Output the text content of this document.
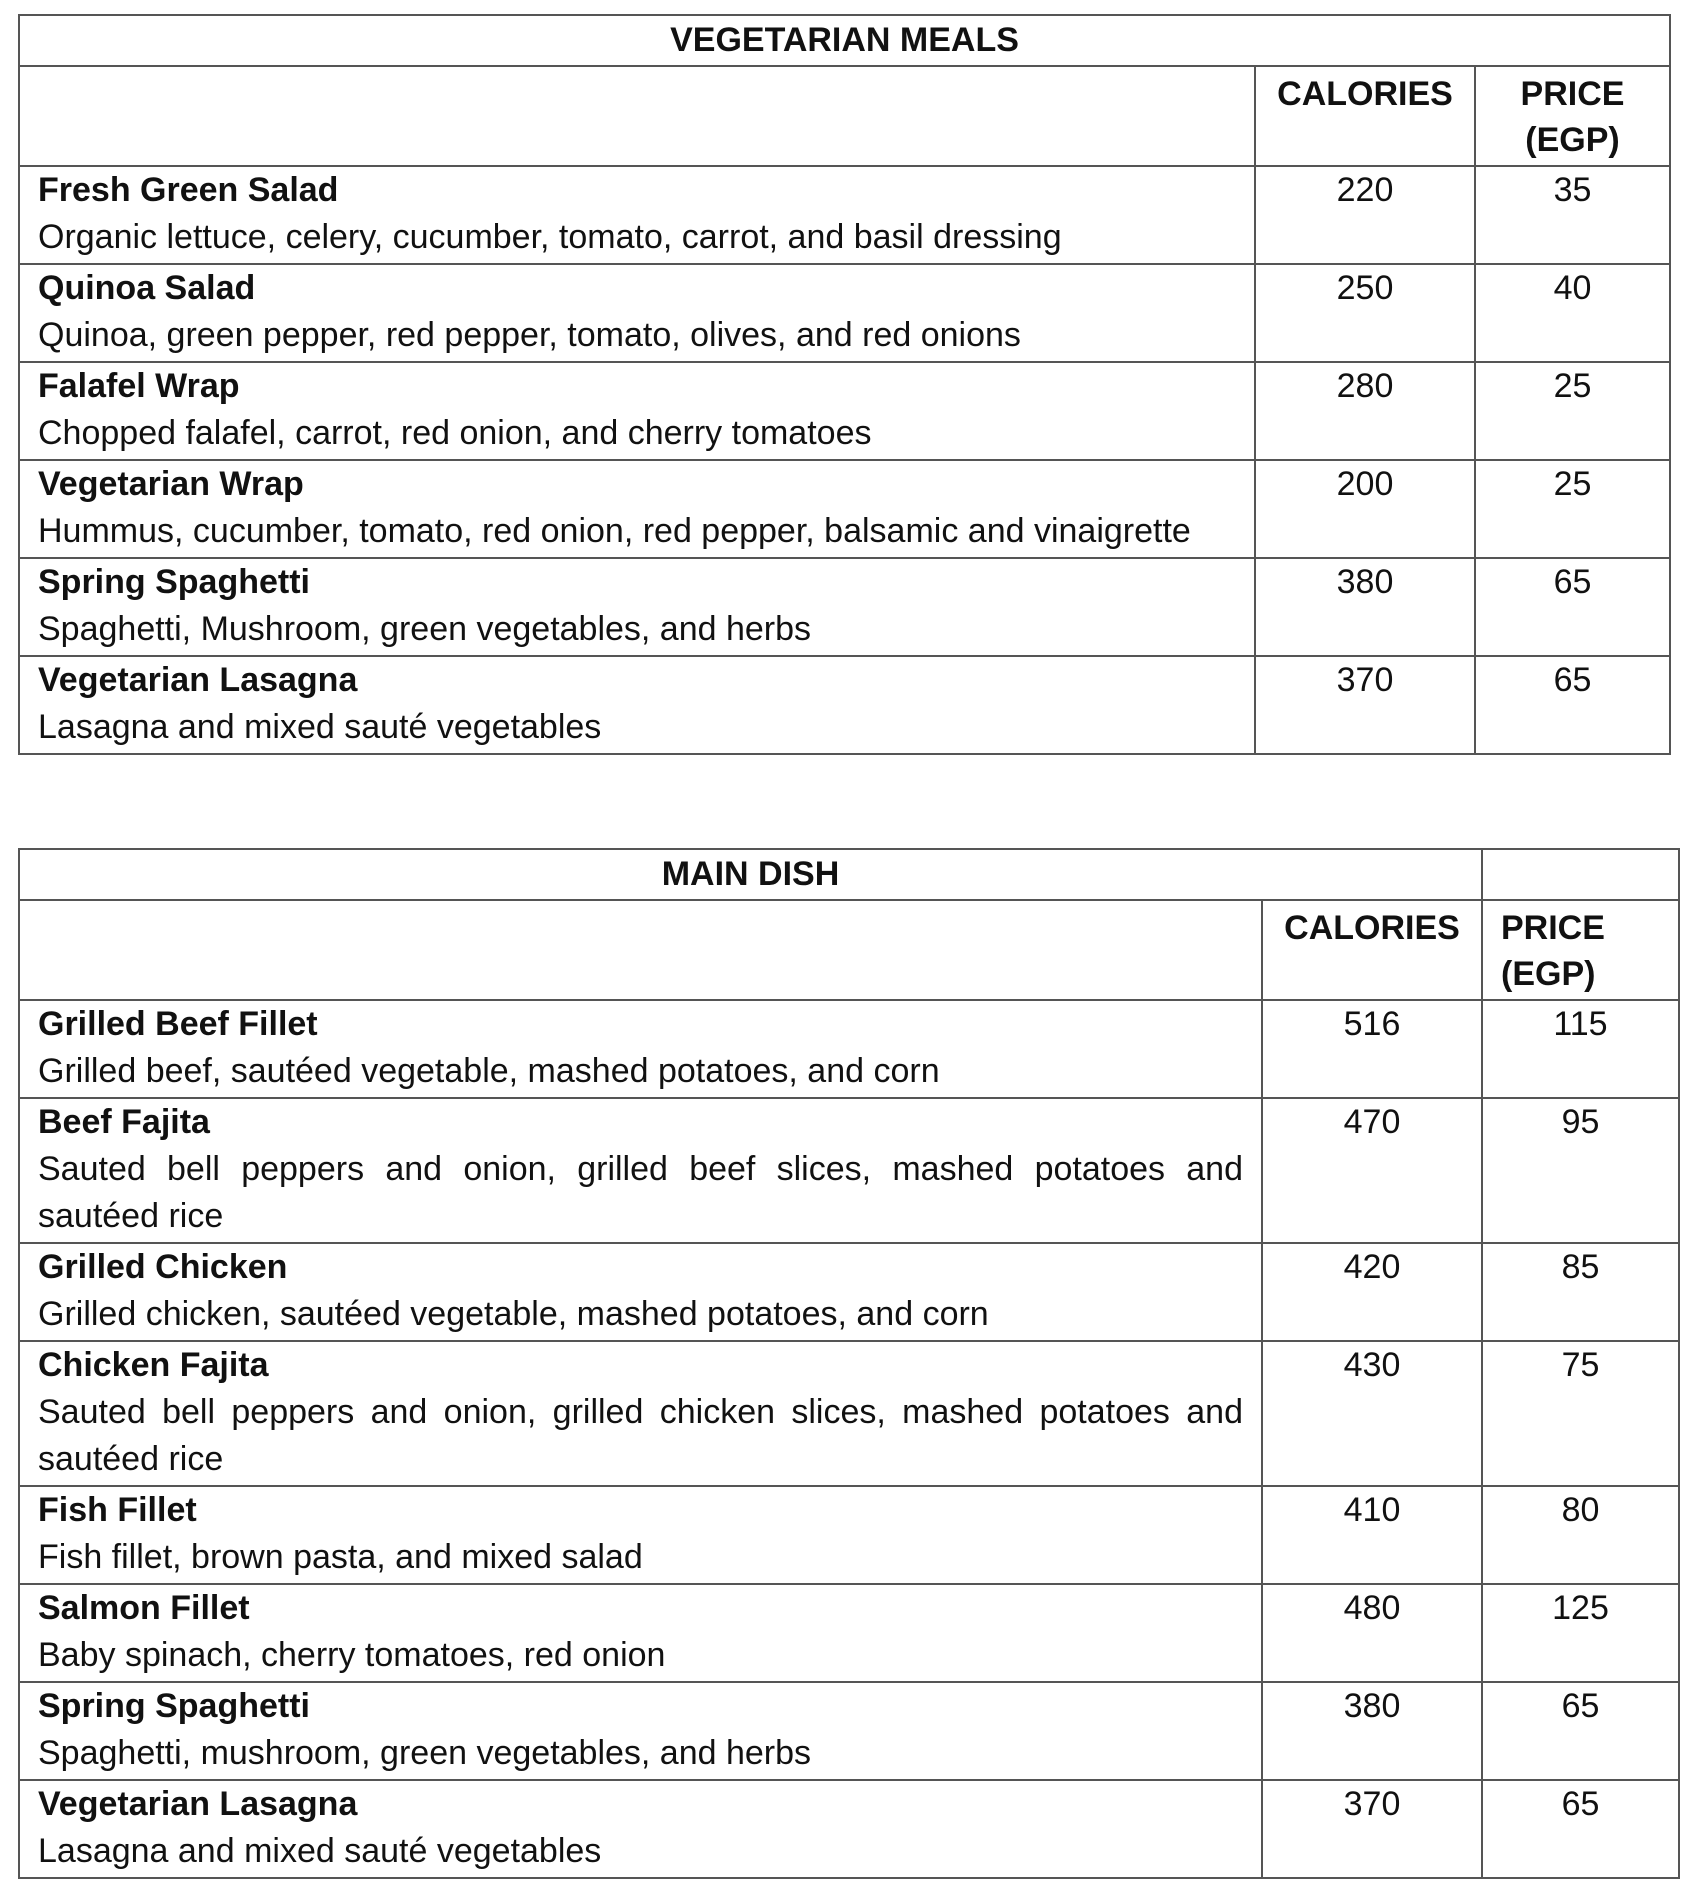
VEGETARIAN MEALS		
	CALORIES	PRICE
(EGP)

Fresh Green Salad
Organic lettuce, celery, cucumber, tomato, carrot, and basil dressing	220	35

Quinoa Salad
Quinoa, green pepper, red pepper, tomato, olives, and red onions	250	40

Falafel Wrap
Chopped falafel, carrot, red onion, and cherry tomatoes	280	25

Vegetarian Wrap
Hummus, cucumber, tomato, red onion, red pepper, balsamic and vinaigrette	200	25

Spring Spaghetti
Spaghetti, Mushroom, green vegetables, and herbs	380	65

Vegetarian Lasagna
Lasagna and mixed sauté vegetables	370	65
MAIN DISH		
	CALORIES	PRICE
(EGP)

Grilled Beef Fillet
Grilled beef, sautéed vegetable, mashed potatoes, and corn	516	115

Beef Fajita
Sauted bell peppers and onion, grilled beef slices, mashed potatoes and sautéed rice	470	95

Grilled Chicken
Grilled chicken, sautéed vegetable, mashed potatoes, and corn	420	85

Chicken Fajita
Sauted bell peppers and onion, grilled chicken slices, mashed potatoes and sautéed rice	430	75

Fish Fillet
Fish fillet, brown pasta, and mixed salad	410	80

Salmon Fillet
Baby spinach, cherry tomatoes, red onion	480	125

Spring Spaghetti
Spaghetti, mushroom, green vegetables, and herbs	380	65

Vegetarian Lasagna
Lasagna and mixed sauté vegetables	370	65
